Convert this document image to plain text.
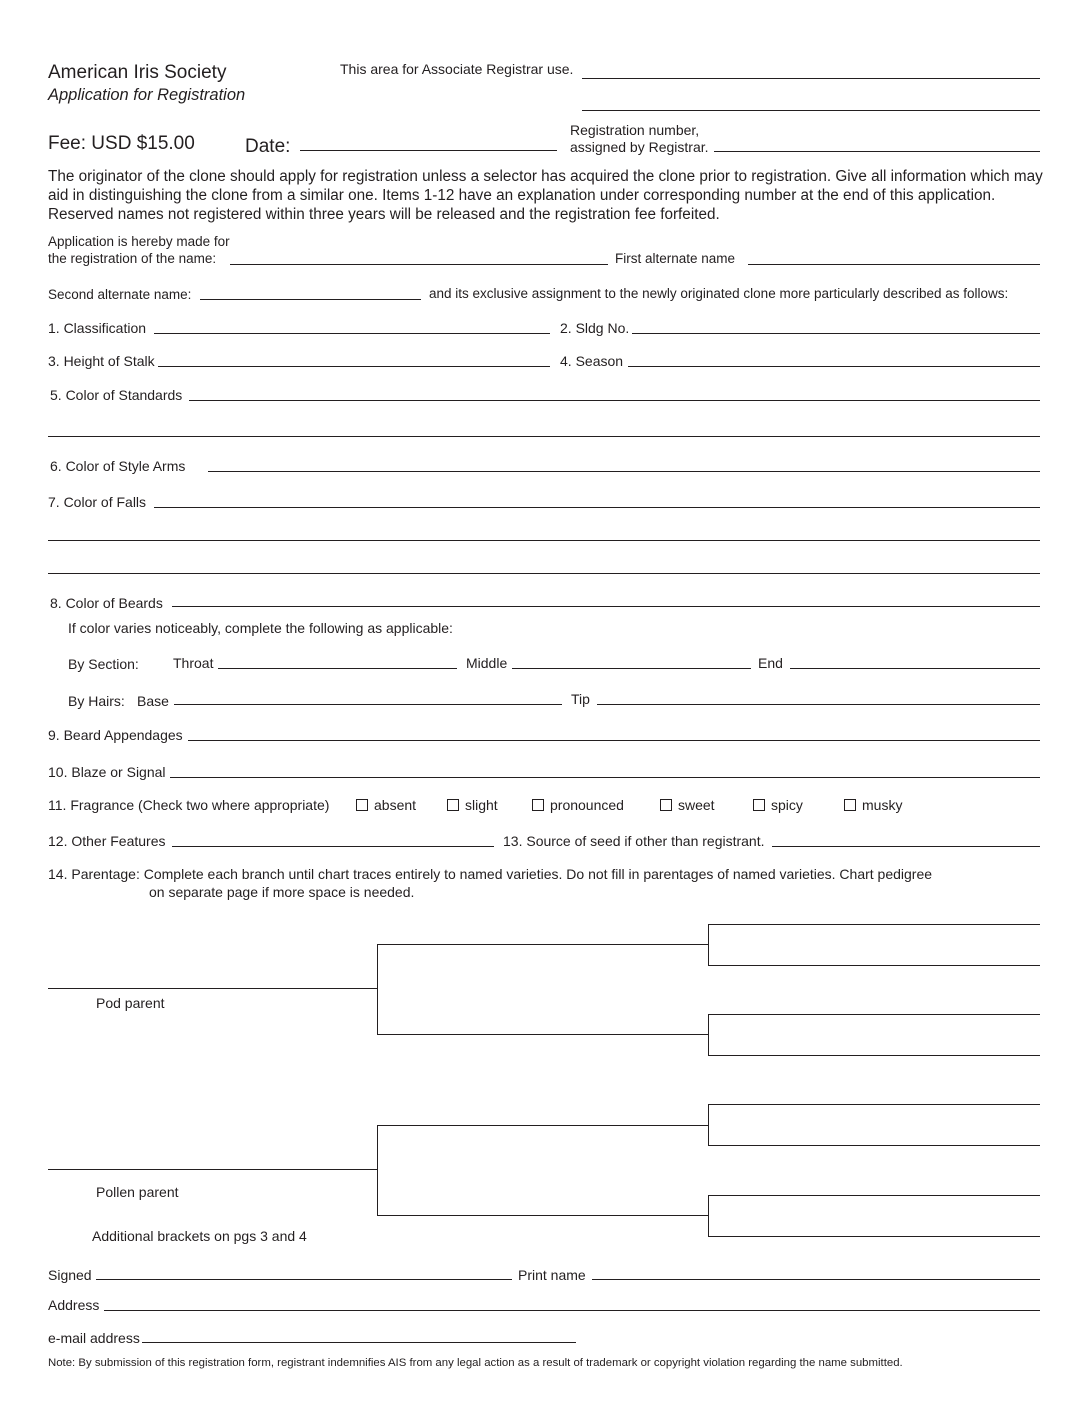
American Iris Society
Application for Registration
This area for Associate Registrar use.
Fee: USD $15.00	Date:
Registration number,
assigned by Registrar.
The originator of the clone should apply for registration unless a selector has acquired the clone prior to registration. Give all information which may aid in distinguishing the clone from a similar one. Items 1-12 have an explanation under corresponding number at the end of this application. Reserved names not registered within three years will be released and the registration fee forfeited.
Application is hereby made for
the registration of the name:	First alternate name
Second alternate name:	and its exclusive assignment to the newly originated clone more particularly described as follows:
1. Classification	2. Sldg No.
3. Height of Stalk	4. Season
5. Color of Standards
6. Color of Style Arms
7. Color of Falls
8. Color of Beards
If color varies noticeably, complete the following as applicable:
By Section: Throat	Middle	End
By Hairs: Base	Tip
9. Beard Appendages
10. Blaze or Signal
11. Fragrance (Check two where appropriate)	absent	slight	pronounced	sweet	spicy	musky
12. Other Features	13. Source of seed if other than registrant.
14. Parentage: Complete each branch until chart traces entirely to named varieties. Do not fill in parentages of named varieties. Chart pedigree
on separate page if more space is needed.
Pod parent
Pollen parent
Additional brackets on pgs 3 and 4
Signed	Print name
Address
e-mail address
Note: By submission of this registration form, registrant indemnifies AIS from any legal action as a result of trademark or copyright violation regarding the name submitted.
